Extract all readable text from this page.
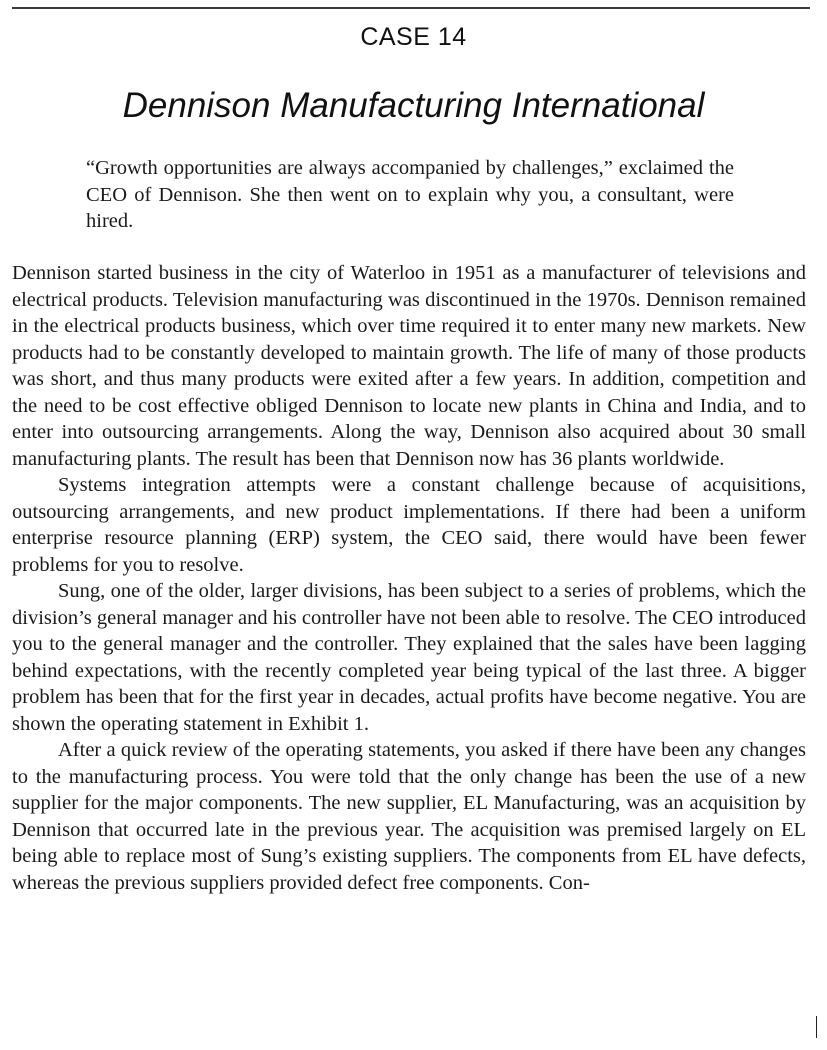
CASE 14
Dennison Manufacturing International

“Growth opportunities are always accompanied by challenges,” exclaimed the CEO of Dennison. She then went on to explain why you, a consultant, were hired.

Dennison started business in the city of Waterloo in 1951 as a manufacturer of televisions and electrical products. Television manufacturing was discontinued in the 1970s. Dennison remained in the electrical products business, which over time required it to enter many new markets. New products had to be constantly developed to maintain growth. The life of many of those products was short, and thus many products were exited after a few years. In addition, competition and the need to be cost effective obliged Dennison to locate new plants in China and India, and to enter into outsourcing arrangements. Along the way, Dennison also acquired about 30 small manufacturing plants. The result has been that Dennison now has 36 plants worldwide.

Systems integration attempts were a constant challenge because of acquisitions, outsourcing arrangements, and new product implementations. If there had been a uniform enterprise resource planning (ERP) system, the CEO said, there would have been fewer problems for you to resolve.

Sung, one of the older, larger divisions, has been subject to a series of problems, which the division’s general manager and his controller have not been able to resolve. The CEO introduced you to the general manager and the controller. They explained that the sales have been lagging behind expectations, with the recently completed year being typical of the last three. A bigger problem has been that for the first year in decades, actual profits have become negative. You are shown the operating statement in Exhibit 1.

After a quick review of the operating statements, you asked if there have been any changes to the manufacturing process. You were told that the only change has been the use of a new supplier for the major components. The new supplier, EL Manufacturing, was an acquisition by Dennison that occurred late in the previous year. The acquisition was premised largely on EL being able to replace most of Sung’s existing suppliers. The components from EL have defects, whereas the previous suppliers provided defect free components. Con-
